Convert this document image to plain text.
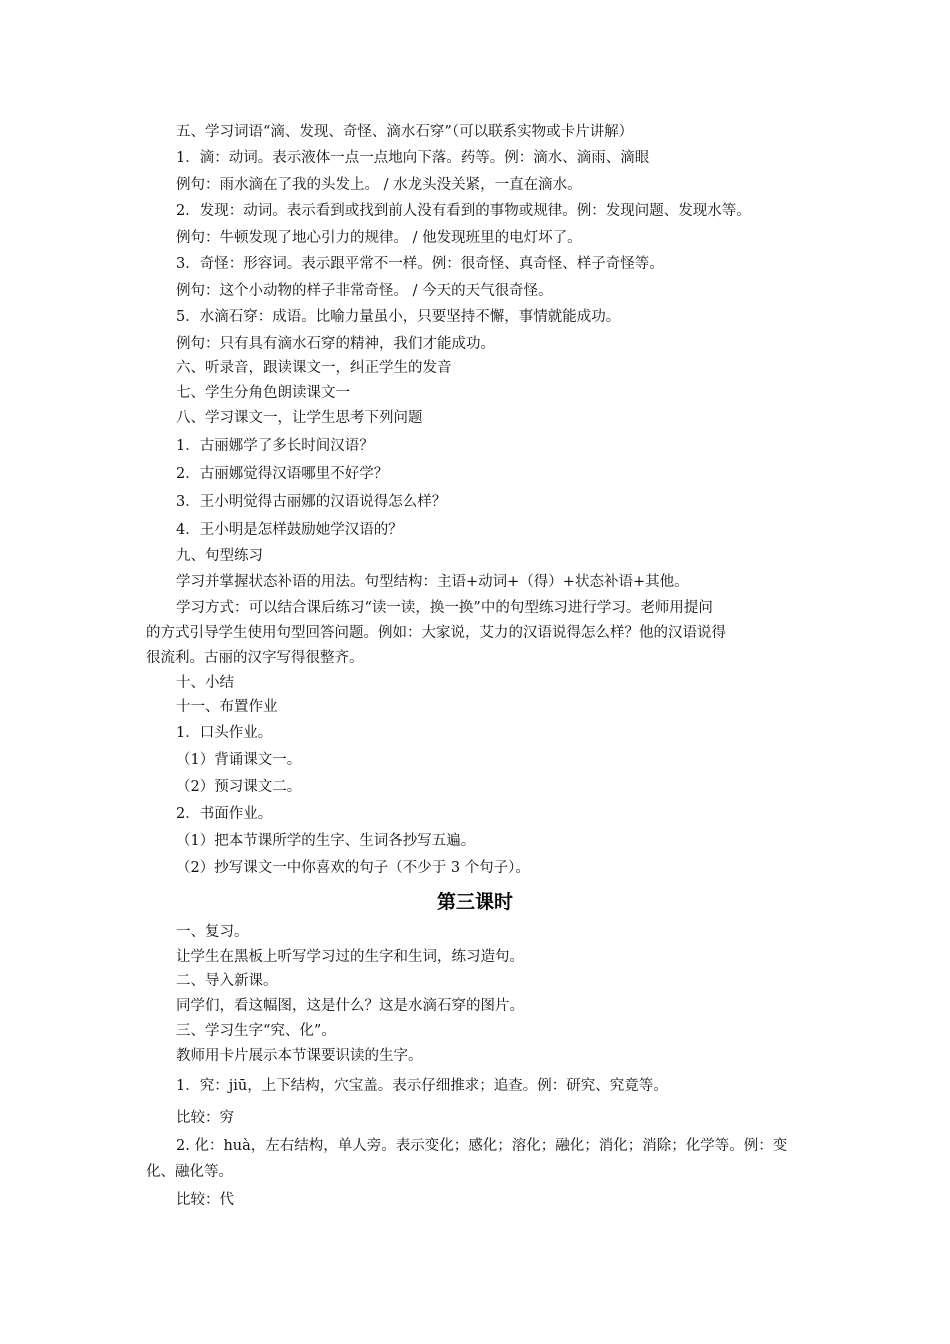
五、学习词语“滴、发现、奇怪、滴水石穿”（可以联系实物或卡片讲解）
1．滴：动词。表示液体一点一点地向下落。药等。例：滴水、滴雨、滴眼
例句：雨水滴在了我的头发上。 / 水龙头没关紧，一直在滴水。
2．发现：动词。表示看到或找到前人没有看到的事物或规律。例：发现问题、发现水等。
例句：牛顿发现了地心引力的规律。 / 他发现班里的电灯坏了。
3．奇怪：形容词。表示跟平常不一样。例：很奇怪、真奇怪、样子奇怪等。
例句：这个小动物的样子非常奇怪。 / 今天的天气很奇怪。
5．水滴石穿：成语。比喻力量虽小，只要坚持不懈，事情就能成功。
例句：只有具有滴水石穿的精神，我们才能成功。
六、听录音，跟读课文一，纠正学生的发音
七、学生分角色朗读课文一
八、学习课文一，让学生思考下列问题
1．古丽娜学了多长时间汉语？
2．古丽娜觉得汉语哪里不好学？
3．王小明觉得古丽娜的汉语说得怎么样？
4．王小明是怎样鼓励她学汉语的？
九、句型练习
学习并掌握状态补语的用法。句型结构：主语+动词+（得）+状态补语+其他。
学习方式：可以结合课后练习“读一读，换一换”中的句型练习进行学习。老师用提问
的方式引导学生使用句型回答问题。例如：大家说，艾力的汉语说得怎么样？他的汉语说得
很流利。古丽的汉字写得很整齐。
十、小结
十一、布置作业
1．口头作业。
（1）背诵课文一。
（2）预习课文二。
2．书面作业。
（1）把本节课所学的生字、生词各抄写五遍。
（2）抄写课文一中你喜欢的句子（不少于 3 个句子）。
第三课时
一、复习。
让学生在黑板上听写学习过的生字和生词，练习造句。
二、导入新课。
同学们，看这幅图，这是什么？这是水滴石穿的图片。
三、学习生字“究、化”。
教师用卡片展示本节课要识读的生字。
1．究：jiū，上下结构，穴宝盖。表示仔细推求；追查。例：研究、究竟等。
比较：穷
2. 化：huà，左右结构，单人旁。表示变化；感化；溶化；融化；消化；消除；化学等。例：变
化、融化等。
比较：代
